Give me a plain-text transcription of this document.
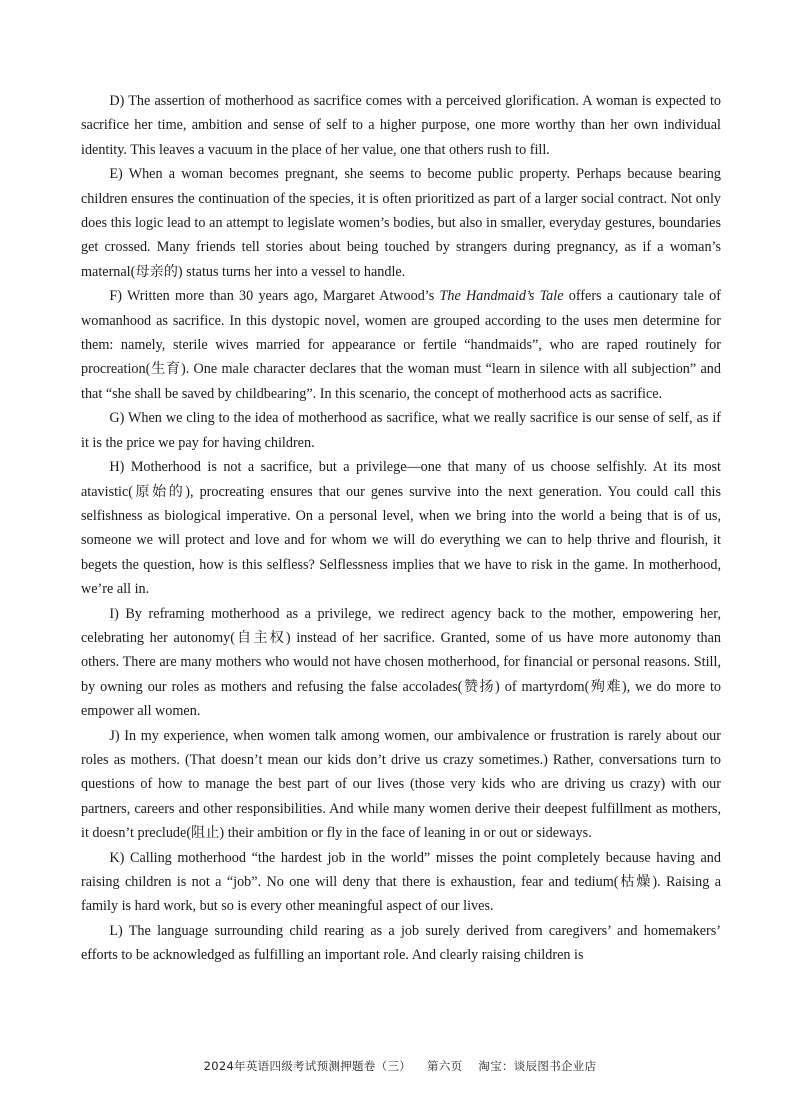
D) The assertion of motherhood as sacrifice comes with a perceived glorification. A woman is expected to sacrifice her time, ambition and sense of self to a higher purpose, one more worthy than her own individual identity. This leaves a vacuum in the place of her value, one that others rush to fill.

E) When a woman becomes pregnant, she seems to become public property. Perhaps because bearing children ensures the continuation of the species, it is often prioritized as part of a larger social contract. Not only does this logic lead to an attempt to legislate women’s bodies, but also in smaller, everyday gestures, boundaries get crossed. Many friends tell stories about being touched by strangers during pregnancy, as if a woman’s maternal(母亲的) status turns her into a vessel to handle.

F) Written more than 30 years ago, Margaret Atwood’s The Handmaid’s Tale offers a cautionary tale of womanhood as sacrifice. In this dystopic novel, women are grouped according to the uses men determine for them: namely, sterile wives married for appearance or fertile “handmaids”, who are raped routinely for procreation(生育). One male character declares that the woman must “learn in silence with all subjection” and that “she shall be saved by childbearing”. In this scenario, the concept of motherhood acts as sacrifice.

G) When we cling to the idea of motherhood as sacrifice, what we really sacrifice is our sense of self, as if it is the price we pay for having children.

H) Motherhood is not a sacrifice, but a privilege—one that many of us choose selfishly. At its most atavistic(原始的), procreating ensures that our genes survive into the next generation. You could call this selfishness as biological imperative. On a personal level, when we bring into the world a being that is of us, someone we will protect and love and for whom we will do everything we can to help thrive and flourish, it begets the question, how is this selfless? Selflessness implies that we have to risk in the game. In motherhood, we’re all in.

I) By reframing motherhood as a privilege, we redirect agency back to the mother, empowering her, celebrating her autonomy(自主权) instead of her sacrifice. Granted, some of us have more autonomy than others. There are many mothers who would not have chosen motherhood, for financial or personal reasons. Still, by owning our roles as mothers and refusing the false accolades(赞扬) of martyrdom(殉难), we do more to empower all women.

J) In my experience, when women talk among women, our ambivalence or frustration is rarely about our roles as mothers. (That doesn’t mean our kids don’t drive us crazy sometimes.) Rather, conversations turn to questions of how to manage the best part of our lives (those very kids who are driving us crazy) with our partners, careers and other responsibilities. And while many women derive their deepest fulfillment as mothers, it doesn’t preclude(阻止) their ambition or fly in the face of leaning in or out or sideways.

K) Calling motherhood “the hardest job in the world” misses the point completely because having and raising children is not a “job”. No one will deny that there is exhaustion, fear and tedium(枯燥). Raising a family is hard work, but so is every other meaningful aspect of our lives.

L) The language surrounding child rearing as a job surely derived from caregivers’ and homemakers’ efforts to be acknowledged as fulfilling an important role. And clearly raising children is

2024年英语四级考试预测押题卷（三） 第六页 淘宝：谈辰图书企业店
